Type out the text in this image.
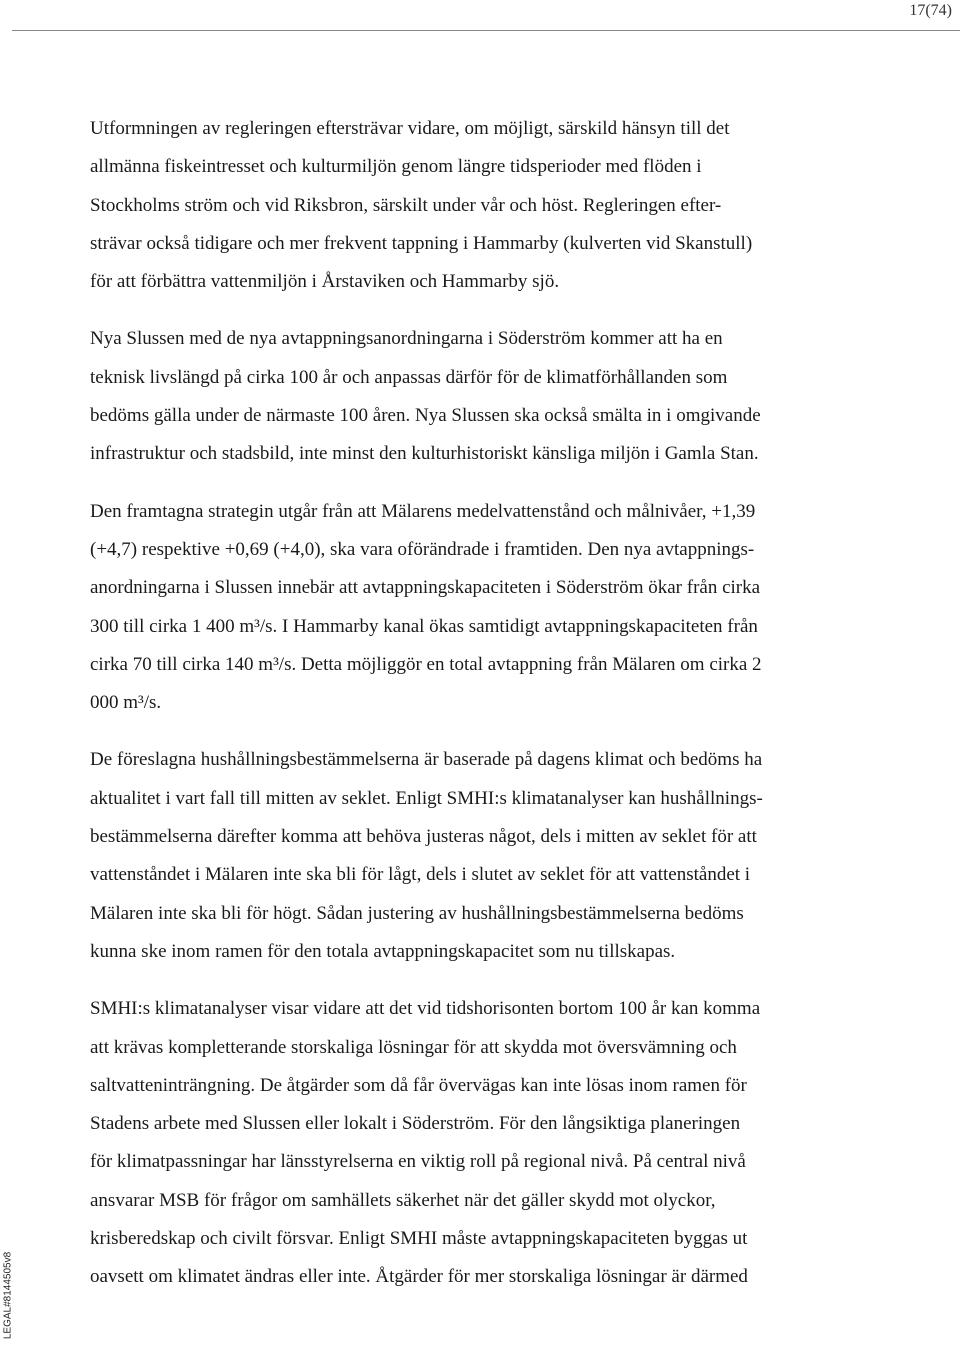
17(74)

Utformningen av regleringen eftersträvar vidare, om möjligt, särskild hänsyn till det
allmänna fiskeintresset och kulturmiljön genom längre tidsperioder med flöden i
Stockholms ström och vid Riksbron, särskilt under vår och höst. Regleringen efter-
strävar också tidigare och mer frekvent tappning i Hammarby (kulverten vid Skanstull)
för att förbättra vattenmiljön i Årstaviken och Hammarby sjö.

Nya Slussen med de nya avtappningsanordningarna i Söderström kommer att ha en
teknisk livslängd på cirka 100 år och anpassas därför för de klimatförhållanden som
bedöms gälla under de närmaste 100 åren. Nya Slussen ska också smälta in i omgivande
infrastruktur och stadsbild, inte minst den kulturhistoriskt känsliga miljön i Gamla Stan.

Den framtagna strategin utgår från att Mälarens medelvattenstånd och målnivåer, +1,39
(+4,7) respektive +0,69 (+4,0), ska vara oförändrade i framtiden. Den nya avtappnings-
anordningarna i Slussen innebär att avtappningskapaciteten i Söderström ökar från cirka
300 till cirka 1 400 m³/s. I Hammarby kanal ökas samtidigt avtappningskapaciteten från
cirka 70 till cirka 140 m³/s. Detta möjliggör en total avtappning från Mälaren om cirka 2
000 m³/s.

De föreslagna hushållningsbestämmelserna är baserade på dagens klimat och bedöms ha
aktualitet i vart fall till mitten av seklet. Enligt SMHI:s klimatanalyser kan hushållnings-
bestämmelserna därefter komma att behöva justeras något, dels i mitten av seklet för att
vattenståndet i Mälaren inte ska bli för lågt, dels i slutet av seklet för att vattenståndet i
Mälaren inte ska bli för högt. Sådan justering av hushållningsbestämmelserna bedöms
kunna ske inom ramen för den totala avtappningskapacitet som nu tillskapas.

SMHI:s klimatanalyser visar vidare att det vid tidshorisonten bortom 100 år kan komma
att krävas kompletterande storskaliga lösningar för att skydda mot översvämning och
saltvatteninträngning. De åtgärder som då får övervägas kan inte lösas inom ramen för
Stadens arbete med Slussen eller lokalt i Söderström. För den långsiktiga planeringen
för klimatpassningar har länsstyrelserna en viktig roll på regional nivå. På central nivå
ansvarar MSB för frågor om samhällets säkerhet när det gäller skydd mot olyckor,
krisberedskap och civilt försvar. Enligt SMHI måste avtappningskapaciteten byggas ut
oavsett om klimatet ändras eller inte. Åtgärder för mer storskaliga lösningar är därmed

LEGAL#8144505v8
